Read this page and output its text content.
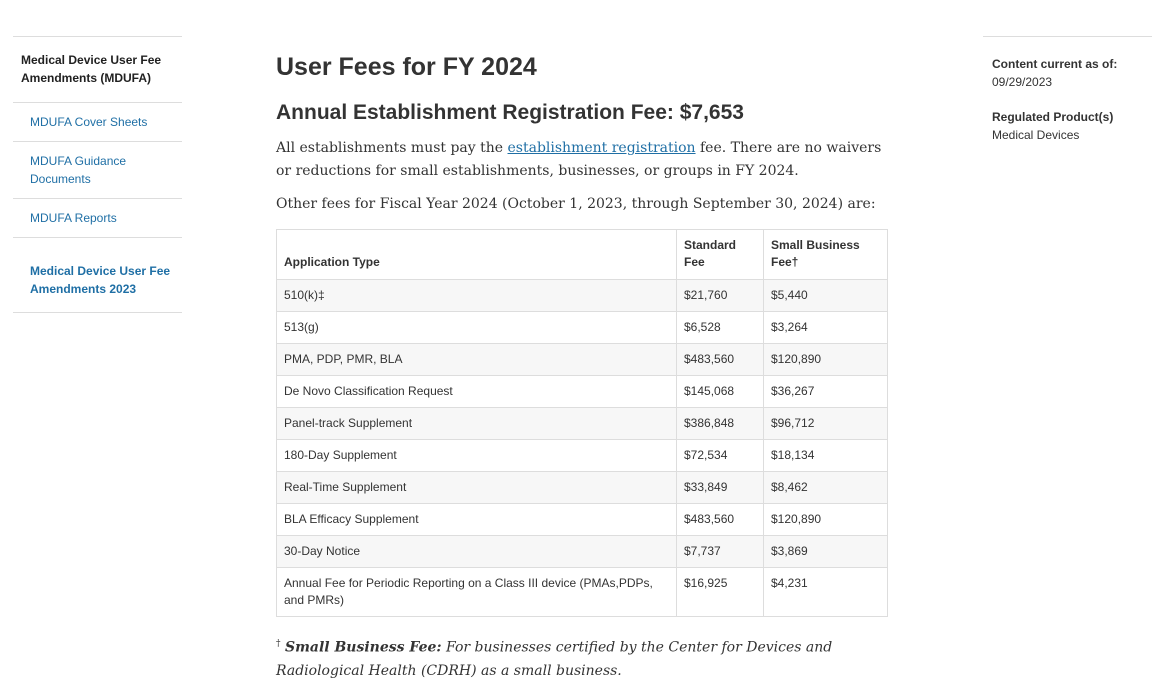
Medical Device User Fee Amendments (MDUFA)
MDUFA Cover Sheets
MDUFA Guidance Documents
MDUFA Reports
Medical Device User Fee Amendments 2023
User Fees for FY 2024
Annual Establishment Registration Fee: $7,653

All establishments must pay the establishment registration fee. There are no waivers or reductions for small establishments, businesses, or groups in FY 2024.

Other fees for Fiscal Year 2024 (October 1, 2023, through September 30, 2024) are:

Application Type	Standard Fee	Small Business Fee†
510(k)‡	$21,760	$5,440
513(g)	$6,528	$3,264
PMA, PDP, PMR, BLA	$483,560	$120,890
De Novo Classification Request	$145,068	$36,267
Panel-track Supplement	$386,848	$96,712
180-Day Supplement	$72,534	$18,134
Real-Time Supplement	$33,849	$8,462
BLA Efficacy Supplement	$483,560	$120,890
30-Day Notice	$7,737	$3,869
Annual Fee for Periodic Reporting on a Class III device (PMAs,PDPs, and PMRs)	$16,925	$4,231
† Small Business Fee: For businesses certified by the Center for Devices and Radiological Health (CDRH) as a small business.
Content current as of:
09/29/2023
Regulated Product(s)
Medical Devices
